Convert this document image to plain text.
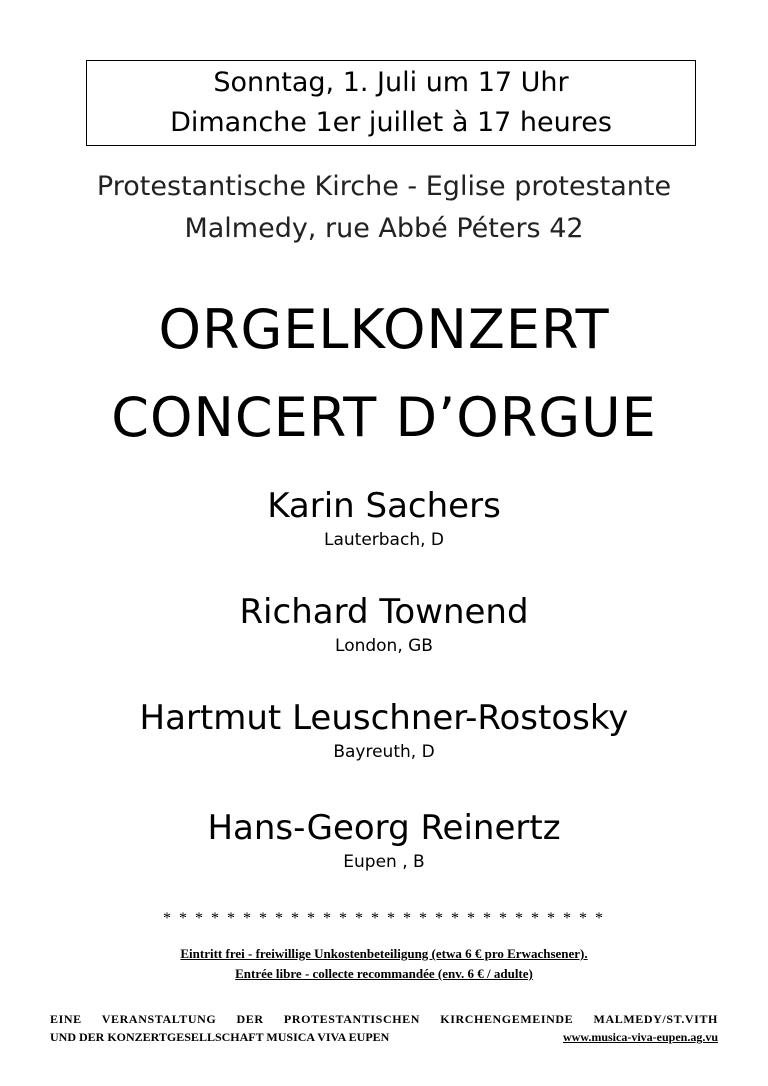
Sonntag, 1. Juli um 17 Uhr
Dimanche 1er juillet à 17 heures
Protestantische Kirche - Eglise protestante
Malmedy, rue Abbé Péters 42
ORGELKONZERT
CONCERT D’ORGUE
Karin Sachers
Lauterbach, D
Richard Townend
London, GB
Hartmut Leuschner-Rostosky
Bayreuth, D
Hans-Georg Reinertz
Eupen , B
* * * * * * * * * * * * * * * * * * * * * * * * * * * *
Eintritt frei - freiwillige Unkostenbeteiligung (etwa 6 € pro Erwachsener).
Entrée libre - collecte recommandée (env. 6 € / adulte)
EINE VERANSTALTUNG DER PROTESTANTISCHEN KIRCHENGEMEINDE MALMEDY/ST.VITH
UND DER KONZERTGESELLSCHAFT MUSICA VIVA EUPEN	www.musica-viva-eupen.ag.vu
